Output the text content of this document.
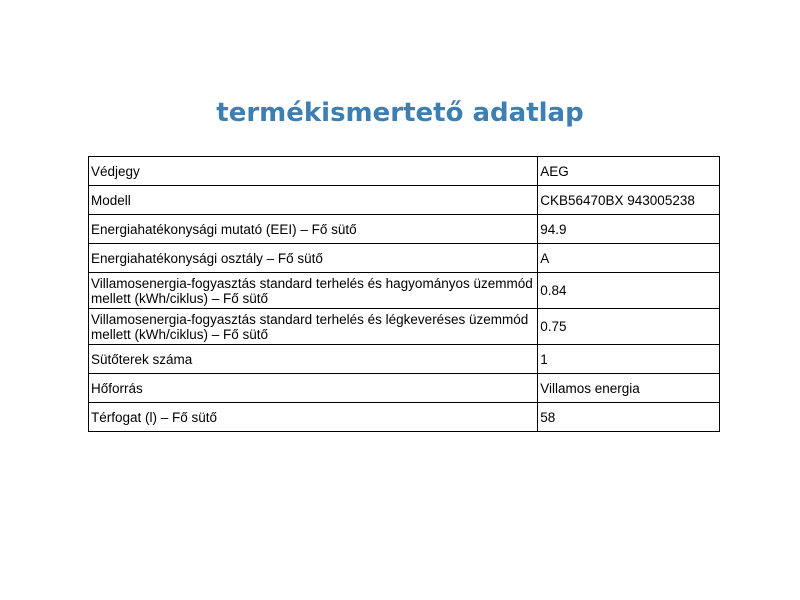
termékismertető adatlap
Védjegy	AEG
Modell	CKB56470BX 943005238
Energiahatékonysági mutató (EEI) – Fő sütő	94.9
Energiahatékonysági osztály – Fő sütő	A
Villamosenergia-fogyasztás standard terhelés és hagyományos üzemmód mellett (kWh/ciklus) – Fő sütő	0.84
Villamosenergia-fogyasztás standard terhelés és légkeveréses üzemmód mellett (kWh/ciklus) – Fő sütő	0.75
Sütőterek száma	1
Hőforrás	Villamos energia
Térfogat (l) – Fő sütő	58
